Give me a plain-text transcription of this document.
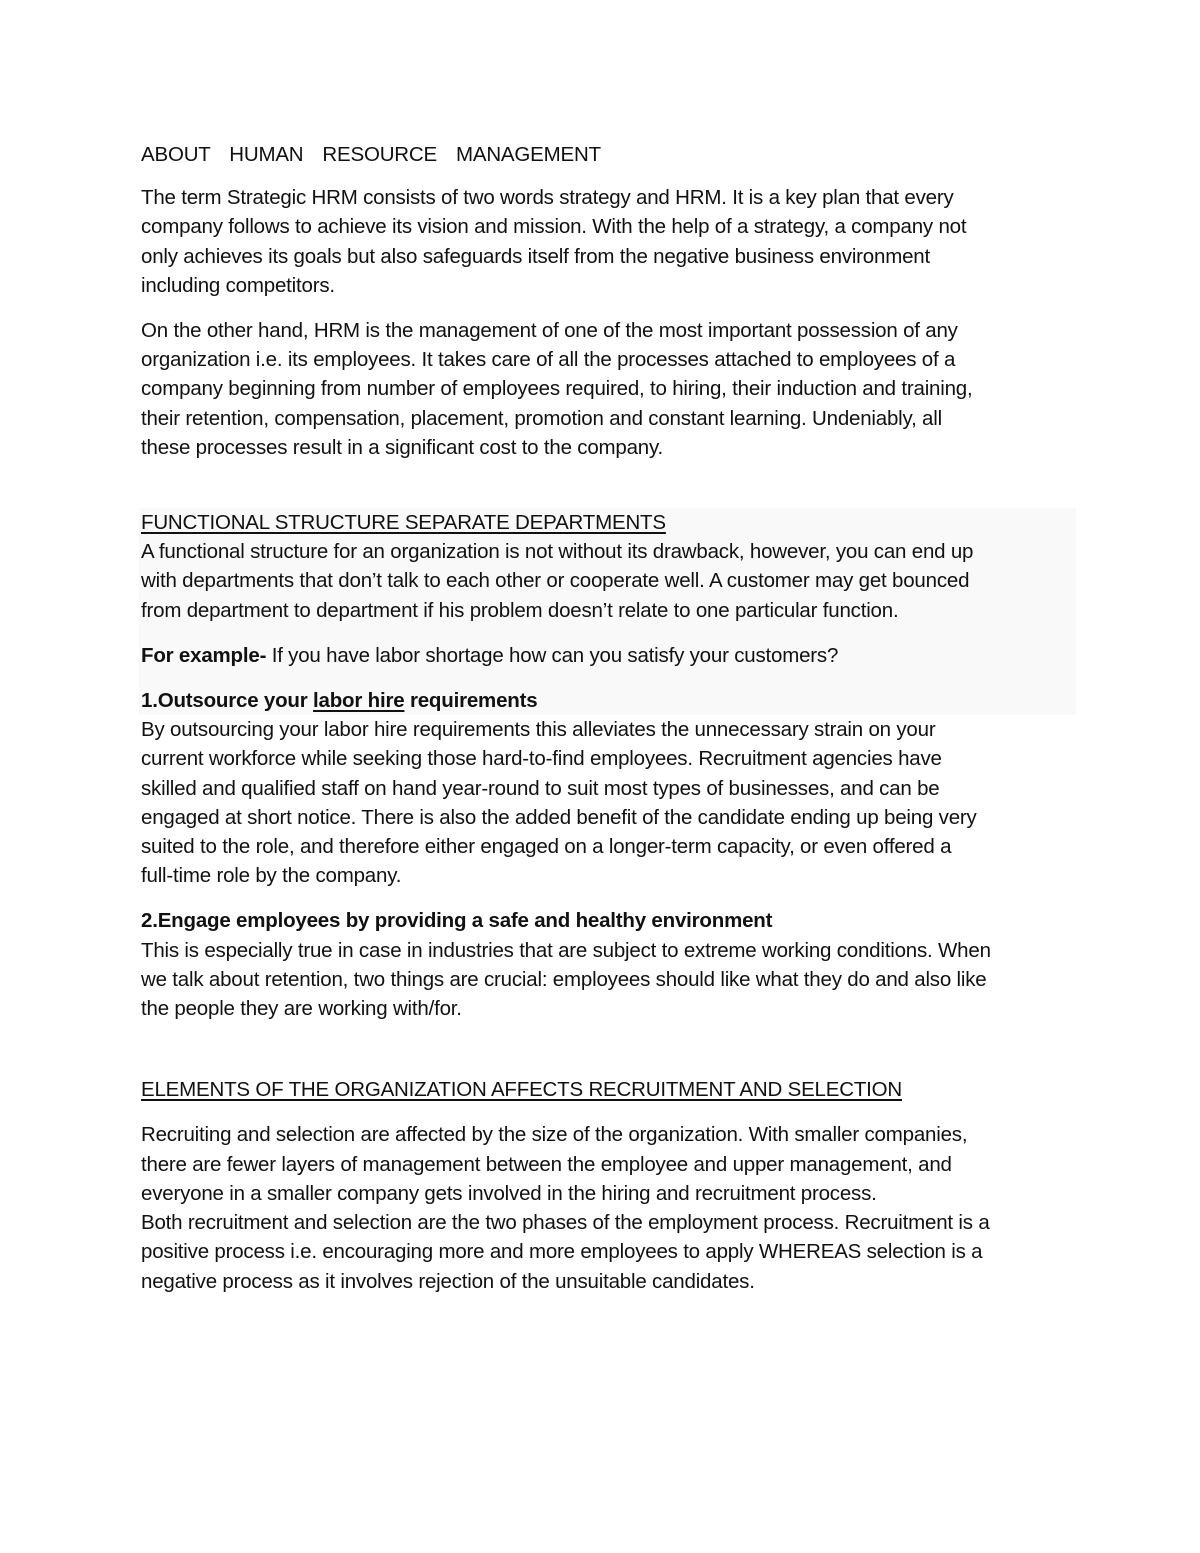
ABOUT  HUMAN  RESOURCE  MANAGEMENT

The term Strategic HRM consists of two words strategy and HRM. It is a key plan that every

company follows to achieve its vision and mission. With the help of a strategy, a company not

only achieves its goals but also safeguards itself from the negative business environment

including competitors.

On the other hand, HRM is the management of one of the most important possession of any

organization i.e. its employees. It takes care of all the processes attached to employees of a

company beginning from number of employees required, to hiring, their induction and training,

their retention, compensation, placement, promotion and constant learning. Undeniably, all

these processes result in a significant cost to the company.

FUNCTIONAL STRUCTURE SEPARATE DEPARTMENTS

A functional structure for an organization is not without its drawback, however, you can end up

with departments that don’t talk to each other or cooperate well. A customer may get bounced

from department to department if his problem doesn’t relate to one particular function.

For example- If you have labor shortage how can you satisfy your customers?

1.Outsource your labor hire requirements

By outsourcing your labor hire requirements this alleviates the unnecessary strain on your

current workforce while seeking those hard-to-find employees. Recruitment agencies have

skilled and qualified staff on hand year-round to suit most types of businesses, and can be

engaged at short notice. There is also the added benefit of the candidate ending up being very

suited to the role, and therefore either engaged on a longer-term capacity, or even offered a

full-time role by the company.

2.Engage employees by providing a safe and healthy environment

This is especially true in case in industries that are subject to extreme working conditions. When

we talk about retention, two things are crucial: employees should like what they do and also like

the people they are working with/for.

ELEMENTS OF THE ORGANIZATION AFFECTS RECRUITMENT AND SELECTION

Recruiting and selection are affected by the size of the organization. With smaller companies,

there are fewer layers of management between the employee and upper management, and

everyone in a smaller company gets involved in the hiring and recruitment process.

Both recruitment and selection are the two phases of the employment process. Recruitment is a

positive process i.e. encouraging more and more employees to apply WHEREAS selection is a

negative process as it involves rejection of the unsuitable candidates.
